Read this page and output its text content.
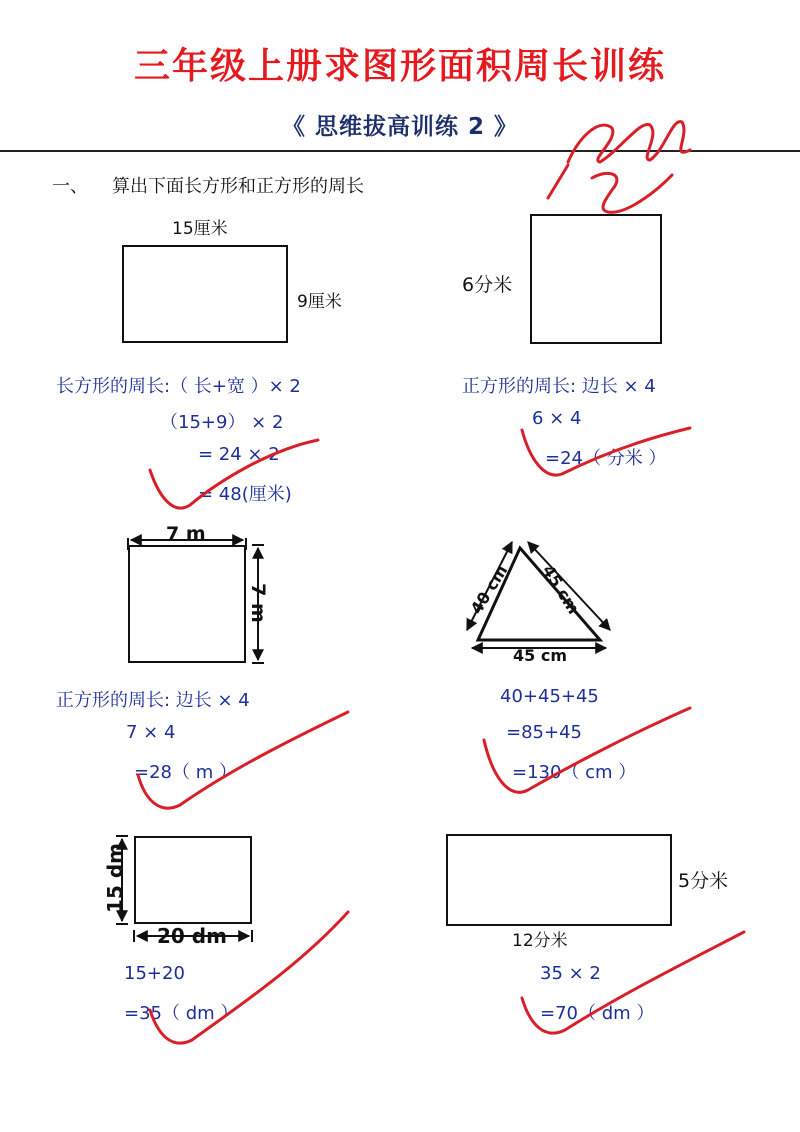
三年级上册求图形面积周长训练
《 思维拔高训练 2 》
一、 算出下面长方形和正方形的周长
15厘米
9厘米
6分米
长方形的周长:（ 长+宽 ）× 2
（15+9） × 2
= 24 × 2
= 48(厘米)
正方形的周长: 边长 × 4
6 × 4
=24（ 分米 ）
7 m
7 m	40 cm 45 cm
45 cm
正方形的周长: 边长 × 4
7 × 4
=28（ m ）
40+45+45
=85+45
=130（ cm ）
15 dm
20 dm
5分米
12分米
15+20
=35（ dm ）
35 × 2
=70（ dm ）
